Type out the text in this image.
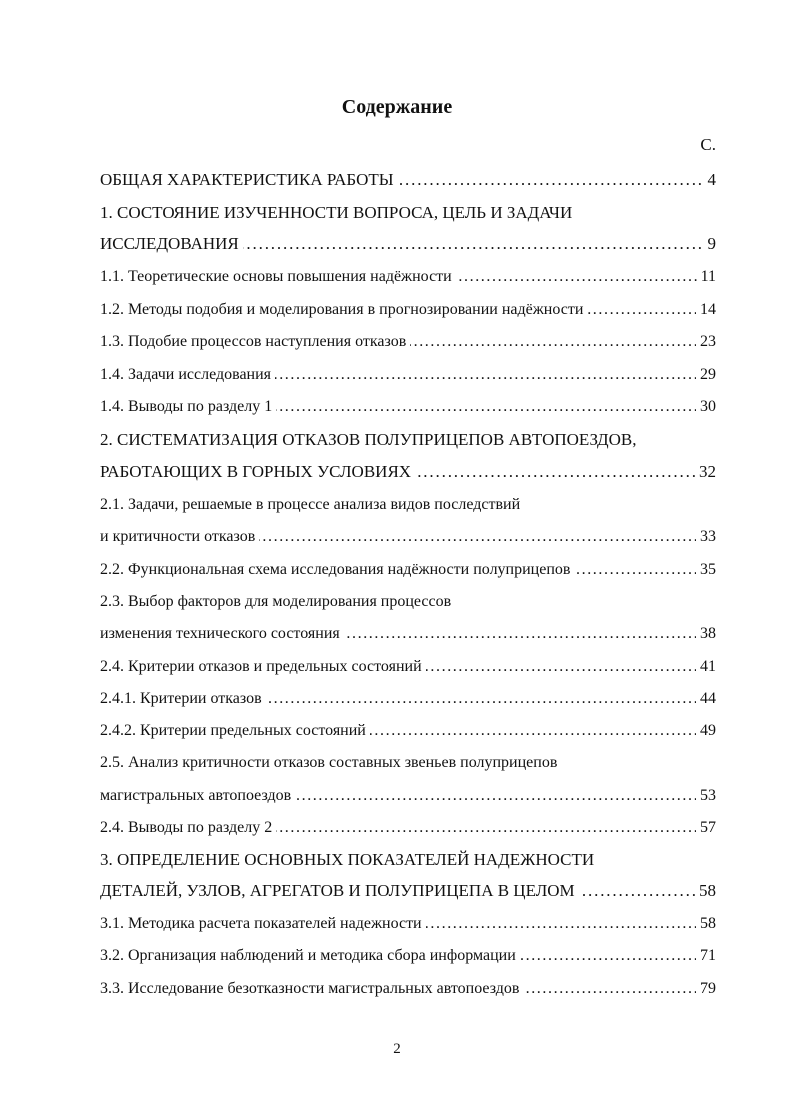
Содержание
С.
ОБЩАЯ ХАРАКТЕРИСТИКА РАБОТЫ	4
. . .
1. СОСТОЯНИЕ ИЗУЧЕННОСТИ ВОПРОСА, ЦЕЛЬ И ЗАДАЧИ
ИССЛЕДОВАНИЯ	9
. . .
1.1. Теоретические основы повышения надёжности	11
. . .
1.2. Методы подобия и моделирования в прогнозировании надёжности	14
. . .
1.3. Подобие процессов наступления отказов	23
. . .
1.4. Задачи исследования	29
. . .
1.4. Выводы по разделу 1	30
. . .
2. СИСТЕМАТИЗАЦИЯ ОТКАЗОВ ПОЛУПРИЦЕПОВ АВТОПОЕЗДОВ,
РАБОТАЮЩИХ В ГОРНЫХ УСЛОВИЯХ	32
. . .
2.1. Задачи, решаемые в процессе анализа видов последствий
и критичности отказов	33
. . .
2.2. Функциональная схема исследования надёжности полуприцепов	35
. . .
2.3. Выбор факторов для моделирования процессов
изменения технического состояния	38
. . .
2.4. Критерии отказов и предельных состояний	41
. . .
2.4.1. Критерии отказов	44
. . .
2.4.2. Критерии предельных состояний	49
. . .
2.5. Анализ критичности отказов составных звеньев полуприцепов
магистральных автопоездов	53
. . .
2.4. Выводы по разделу 2	57
. . .
3. ОПРЕДЕЛЕНИЕ ОСНОВНЫХ ПОКАЗАТЕЛЕЙ НАДЕЖНОСТИ
ДЕТАЛЕЙ, УЗЛОВ, АГРЕГАТОВ И ПОЛУПРИЦЕПА В ЦЕЛОМ	58
. . .
3.1. Методика расчета показателей надежности	58
. . .
3.2. Организация наблюдений и методика сбора информации	71
. . .
3.3. Исследование безотказности магистральных автопоездов	79
. . .
2
